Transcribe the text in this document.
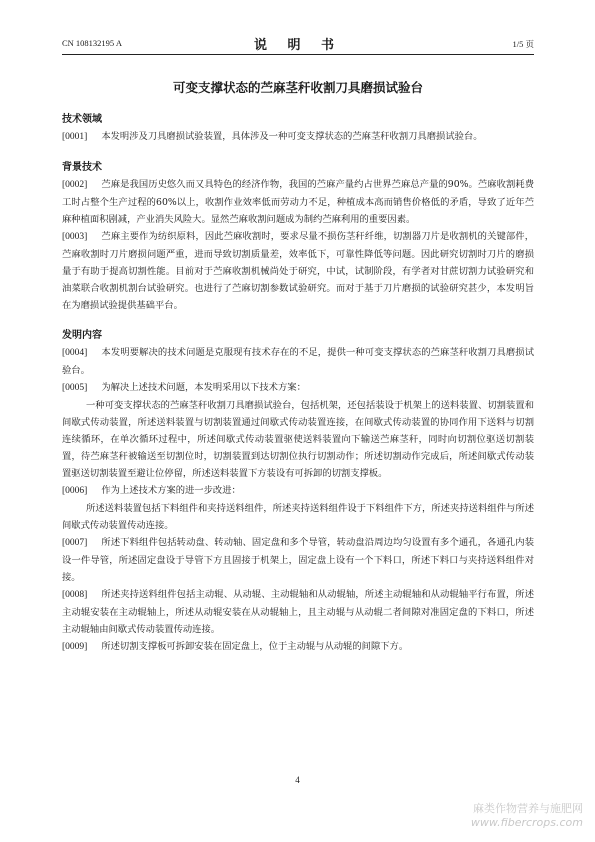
CN 108132195 A	说 明 书	1/5 页
可变支撑状态的苎麻茎秆收割刀具磨损试验台

技术领域

[0001] 本发明涉及刀具磨损试验装置，具体涉及一种可变支撑状态的苎麻茎秆收割刀具磨损试验台。

背景技术

[0002] 苎麻是我国历史悠久而又具特色的经济作物，我国的苎麻产量约占世界苎麻总产量的90%。苎麻收割耗费工时占整个生产过程的60%以上，收割作业效率低而劳动力不足，种植成本高而销售价格低的矛盾，导致了近年苎麻种植面积剧减，产业消失风险大。显然苎麻收割问题成为制约苎麻利用的重要因素。

[0003] 苎麻主要作为纺织原料，因此苎麻收割时，要求尽量不损伤茎秆纤维，切割器刀片是收割机的关键部件，苎麻收割时刀片磨损问题严重，进而导致切割质量差，效率低下，可靠性降低等问题。因此研究切割时刀片的磨损量于有助于提高切割性能。目前对于苎麻收割机械尚处于研究，中试，试制阶段，有学者对甘蔗切割力试验研究和油菜联合收割机割台试验研究。也进行了苎麻切割参数试验研究。而对于基于刀片磨损的试验研究甚少，本发明旨在为磨损试验提供基础平台。

发明内容

[0004] 本发明要解决的技术问题是克服现有技术存在的不足，提供一种可变支撑状态的苎麻茎秆收割刀具磨损试验台。

[0005] 为解决上述技术问题，本发明采用以下技术方案：

一种可变支撑状态的苎麻茎秆收割刀具磨损试验台，包括机架，还包括装设于机架上的送料装置、切割装置和间歇式传动装置，所述送料装置与切割装置通过间歇式传动装置连接，在间歇式传动装置的协同作用下送料与切割连续循环，在单次循环过程中，所述间歇式传动装置驱使送料装置向下输送苎麻茎秆，同时向切割位驱送切割装置，待苎麻茎秆被输送至切割位时，切割装置到达切割位执行切割动作；所述切割动作完成后，所述间歇式传动装置驱送切割装置至避让位停留，所述送料装置下方装设有可拆卸的切割支撑板。

[0006] 作为上述技术方案的进一步改进：

所述送料装置包括下料组件和夹持送料组件，所述夹持送料组件设于下料组件下方，所述夹持送料组件与所述间歇式传动装置传动连接。

[0007] 所述下料组件包括转动盘、转动轴、固定盘和多个导管，转动盘沿周边均匀设置有多个通孔，各通孔内装设一件导管，所述固定盘设于导管下方且固接于机架上，固定盘上设有一个下料口，所述下料口与夹持送料组件对接。

[0008] 所述夹持送料组件包括主动辊、从动辊、主动辊轴和从动辊轴，所述主动辊轴和从动辊轴平行布置，所述主动辊安装在主动辊轴上，所述从动辊安装在从动辊轴上，且主动辊与从动辊二者间隙对准固定盘的下料口，所述主动辊轴由间歇式传动装置传动连接。

[0009] 所述切割支撑板可拆卸安装在固定盘上，位于主动辊与从动辊的间隙下方。

4
麻类作物营养与施肥网
www.fibercrops.com
